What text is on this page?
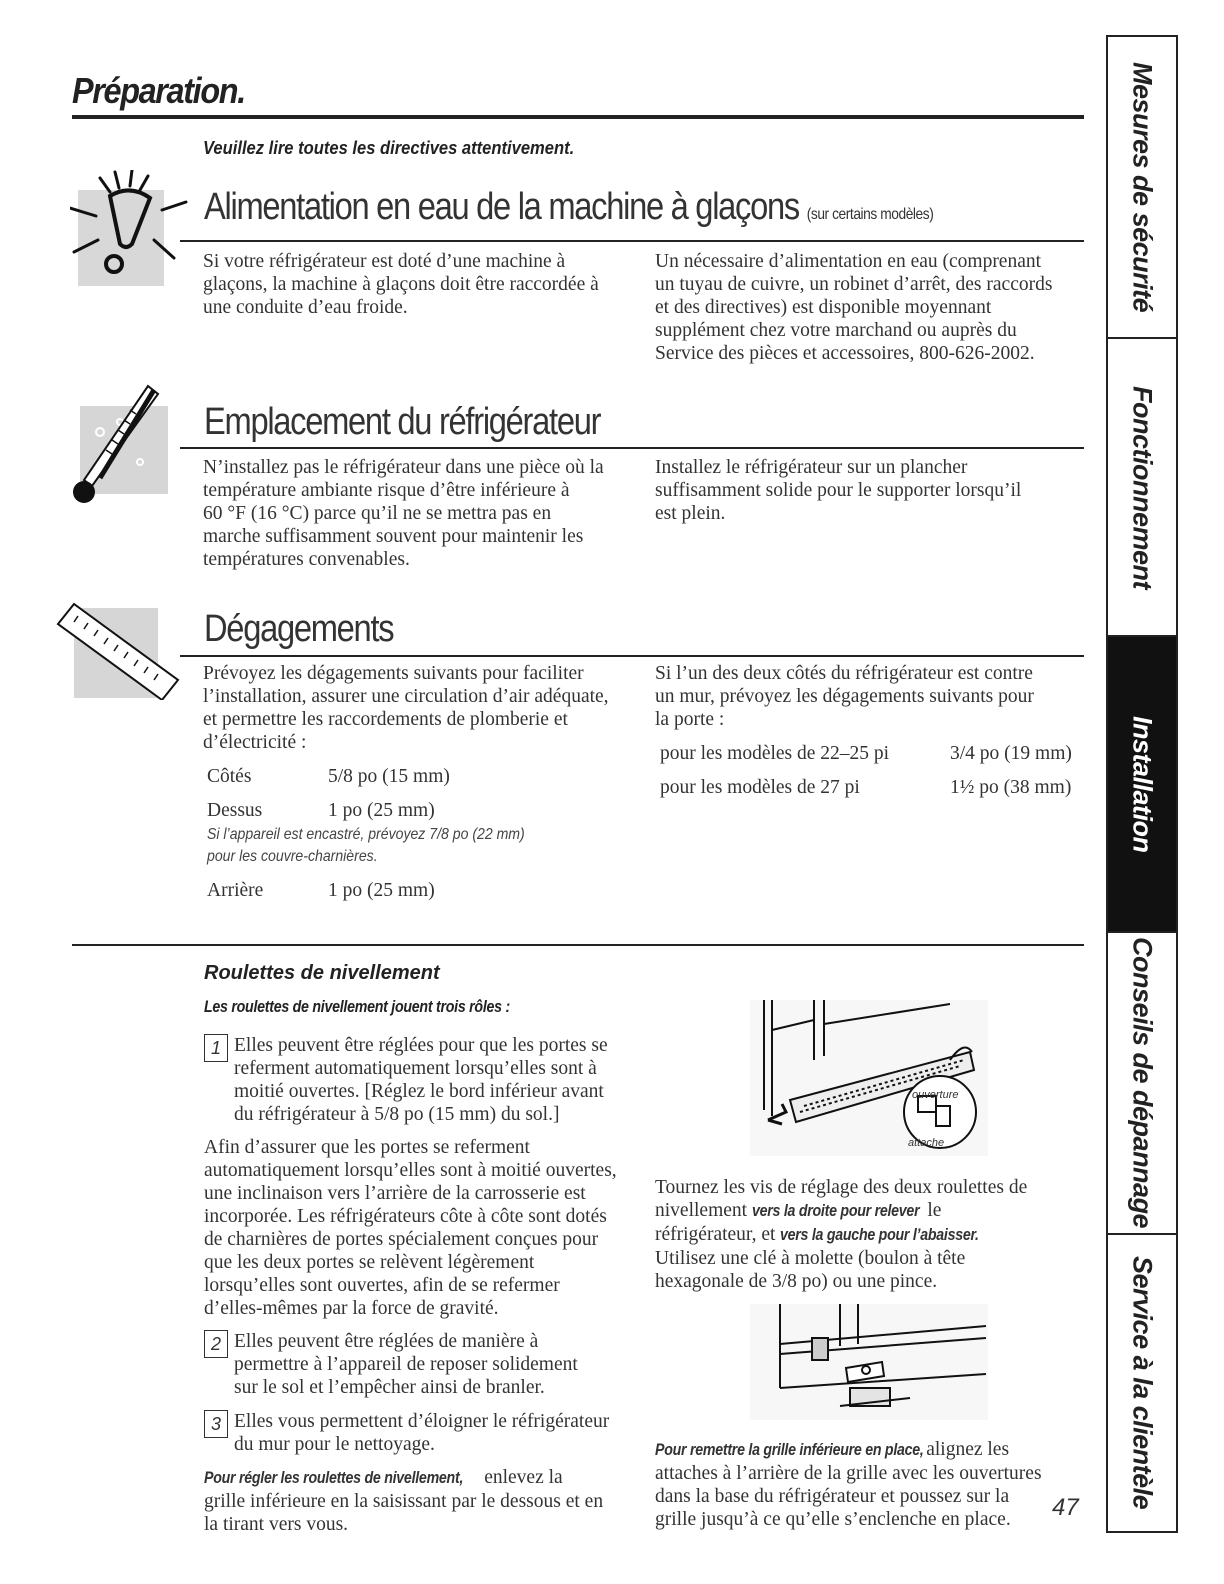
Préparation.
Veuillez lire toutes les directives attentivement.
Alimentation en eau de la machine à glaçons (sur certains modèles)
Si votre réfrigérateur est doté d’une machine à
glaçons, la machine à glaçons doit être raccordée à
une conduite d’eau froide.
Un nécessaire d’alimentation en eau (comprenant
un tuyau de cuivre, un robinet d’arrêt, des raccords
et des directives) est disponible moyennant
supplément chez votre marchand ou auprès du
Service des pièces et accessoires, 800-626-2002.
Emplacement du réfrigérateur
N’installez pas le réfrigérateur dans une pièce où la
température ambiante risque d’être inférieure à
60 °F (16 °C) parce qu’il ne se mettra pas en
marche suffisamment souvent pour maintenir les
températures convenables.
Installez le réfrigérateur sur un plancher
suffisamment solide pour le supporter lorsqu’il
est plein.
Dégagements
Prévoyez les dégagements suivants pour faciliter
l’installation, assurer une circulation d’air adéquate,
et permettre les raccordements de plomberie et
d’électricité :
Côtés	5/8 po (15 mm)
Dessus	1 po (25 mm)
Si l’appareil est encastré, prévoyez 7/8 po (22 mm)
pour les couvre-charnières.
Arrière	1 po (25 mm)
Si l’un des deux côtés du réfrigérateur est contre
un mur, prévoyez les dégagements suivants pour
la porte :
pour les modèles de 22–25 pi	3/4 po (19 mm)
pour les modèles de 27 pi	1½ po (38 mm)
Roulettes de nivellement
Les roulettes de nivellement jouent trois rôles :
1 Elles peuvent être réglées pour que les portes se
referment automatiquement lorsqu’elles sont à
moitié ouvertes. [Réglez le bord inférieur avant
du réfrigérateur à 5/8 po (15 mm) du sol.]
Afin d’assurer que les portes se referment
automatiquement lorsqu’elles sont à moitié ouvertes,
une inclinaison vers l’arrière de la carrosserie est
incorporée. Les réfrigérateurs côte à côte sont dotés
de charnières de portes spécialement conçues pour
que les deux portes se relèvent légèrement
lorsqu’elles sont ouvertes, afin de se refermer
d’elles-mêmes par la force de gravité.
2 Elles peuvent être réglées de manière à
permettre à l’appareil de reposer solidement
sur le sol et l’empêcher ainsi de branler.
3 Elles vous permettent d’éloigner le réfrigérateur
du mur pour le nettoyage.
Pour régler les roulettes de nivellement, enlevez la
grille inférieure en la saisissant par le dessous et en
la tirant vers vous.
ouverture
attache
Tournez les vis de réglage des deux roulettes de
nivellement vers la droite pour relever le
réfrigérateur, et vers la gauche pour l’abaisser.
Utilisez une clé à molette (boulon à tête
hexagonale de 3/8 po) ou une pince.
Pour remettre la grille inférieure en place, alignez les
attaches à l’arrière de la grille avec les ouvertures
dans la base du réfrigérateur et poussez sur la
grille jusqu’à ce qu’elle s’enclenche en place.	47
Mesures de sécurité
Fonctionnement
Installation
Conseils de dépannage
Service à la clientèle
